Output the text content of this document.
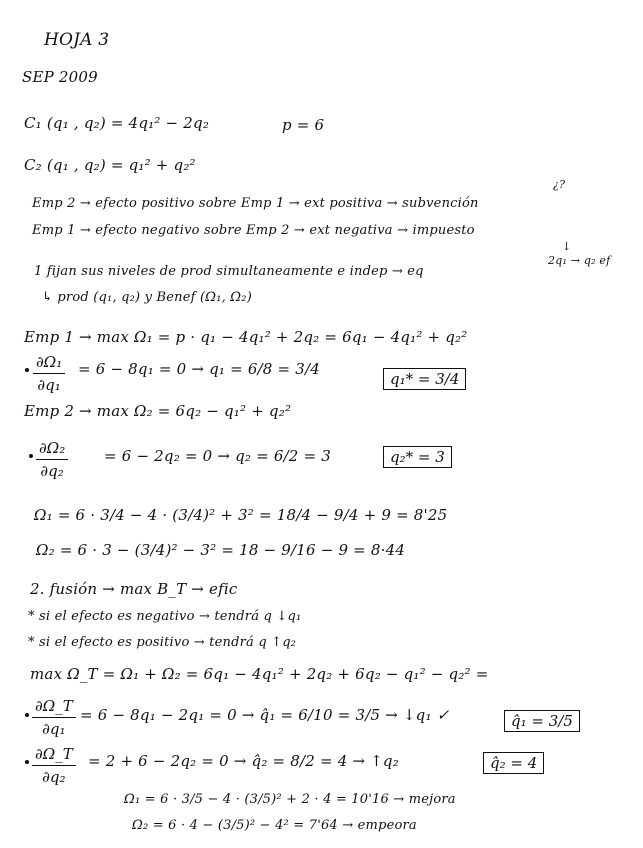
HOJA 3
SEP 2009
C₁ (q₁ , q₂) = 4q₁² − 2q₂	p = 6
C₂ (q₁ , q₂) = q₁² + q₂²
¿?
Emp 2 → efecto positivo sobre Emp 1 → ext positiva → subvención
Emp 1 → efecto negativo sobre Emp 2 → ext negativa → impuesto
↓
2q₁ → q₂ ef
1 fijan sus niveles de prod simultaneamente e indep → eq
↳ prod (q₁, q₂) y Benef (Ω₁, Ω₂)
Emp 1 → max Ω₁ = p · q₁ − 4q₁² + 2q₂ = 6q₁ − 4q₁² + q₂²
$\frac{\text{∂Ω₁}}{\text{∂q₁}} = 6 - 8q_1 = 0 \to q_1 = 6/8 = 3/4$
q₁* = 3/4
Emp 2 → max Ω₂ = 6q₂ − q₁² + q₂²
$\frac{\text{∂Ω₂}}{\text{∂q₂}} = 6 - 2q_2 = 0 \to q_2 = 6/2 = 3$	q₂* = 3
Ω₁ = 6 · 3/4 − 4 · (3/4)² + 3² = 18/4 − 9/4 + 9 = 8'25
Ω₂ = 6 · 3 − (3/4)² − 3² = 18 − 9/16 − 9 = 8·44
2. fusión → max B_T → efic
* si el efecto es negativo → tendrá q ↓q₁
* si el efecto es positivo → tendrá q ↑q₂
max Ω_T = Ω₁ + Ω₂ = 6q₁ − 4q₁² + 2q₂ + 6q₂ − q₁² − q₂² =
$\frac{\partial\Omega\_T}{\text{∂q₁}} = 6 - 8q_1 - 2q_1 = 0$ → q̂₁ = 6/10 = 3/5 → ↓q₁ ✓	q̂₁ = 3/5
$\frac{\partial\Omega\_T}{\text{∂q₂}} = 2 + 6 - 2q_2 = 0$ → q̂₂ = 8/2 = 4 → ↑q₂	q̂₂ = 4
Ω₁ = 6 · 3/5 − 4 · (3/5)² + 2 · 4 = 10'16 → mejora
Ω₂ = 6 · 4 − (3/5)² − 4² = 7'64 → empeora
